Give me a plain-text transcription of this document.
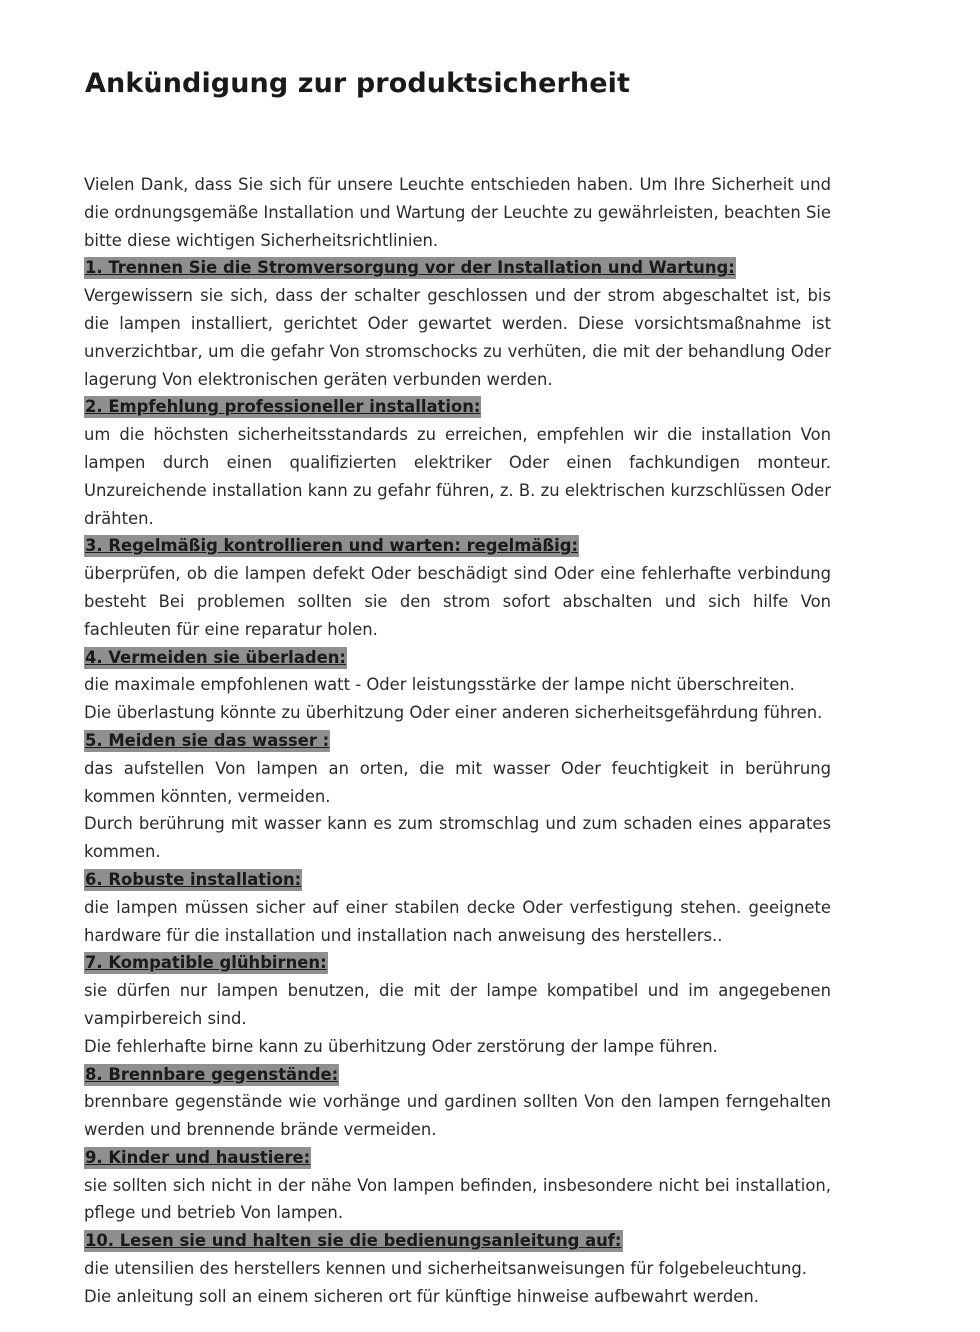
Ankündigung zur produktsicherheit

Vielen Dank, dass Sie sich für unsere Leuchte entschieden haben. Um Ihre Sicherheit und die ordnungsgemäße Installation und Wartung der Leuchte zu gewährleisten, beachten Sie bitte diese wichtigen Sicherheitsrichtlinien.

1. Trennen Sie die Stromversorgung vor der Installation und Wartung:

Vergewissern sie sich, dass der schalter geschlossen und der strom abgeschaltet ist, bis die lampen installiert, gerichtet Oder gewartet werden. Diese vorsichtsmaßnahme ist unverzichtbar, um die gefahr Von stromschocks zu verhüten, die mit der behandlung Oder lagerung Von elektronischen geräten verbunden werden.

2. Empfehlung professioneller installation:

um die höchsten sicherheitsstandards zu erreichen, empfehlen wir die installation Von lampen durch einen qualifizierten elektriker Oder einen fachkundigen monteur. Unzureichende installation kann zu gefahr führen, z. B. zu elektrischen kurzschlüssen Oder drähten.

3. Regelmäßig kontrollieren und warten: regelmäßig:

überprüfen, ob die lampen defekt Oder beschädigt sind Oder eine fehlerhafte verbindung besteht Bei problemen sollten sie den strom sofort abschalten und sich hilfe Von fachleuten für eine reparatur holen.

4. Vermeiden sie überladen:

die maximale empfohlenen watt - Oder leistungsstärke der lampe nicht überschreiten.

Die überlastung könnte zu überhitzung Oder einer anderen sicherheitsgefährdung führen.

5. Meiden sie das wasser :

das aufstellen Von lampen an orten, die mit wasser Oder feuchtigkeit in berührung kommen könnten, vermeiden.

Durch berührung mit wasser kann es zum stromschlag und zum schaden eines apparates kommen.

6. Robuste installation:

die lampen müssen sicher auf einer stabilen decke Oder verfestigung stehen. geeignete hardware für die installation und installation nach anweisung des herstellers..

7. Kompatible glühbirnen:

sie dürfen nur lampen benutzen, die mit der lampe kompatibel und im angegebenen vampirbereich sind.

Die fehlerhafte birne kann zu überhitzung Oder zerstörung der lampe führen.

8. Brennbare gegenstände:

brennbare gegenstände wie vorhänge und gardinen sollten Von den lampen ferngehalten werden und brennende brände vermeiden.

9. Kinder und haustiere:

sie sollten sich nicht in der nähe Von lampen befinden, insbesondere nicht bei installation, pflege und betrieb Von lampen.

10. Lesen sie und halten sie die bedienungsanleitung auf:

die utensilien des herstellers kennen und sicherheitsanweisungen für folgebeleuchtung.

Die anleitung soll an einem sicheren ort für künftige hinweise aufbewahrt werden.
